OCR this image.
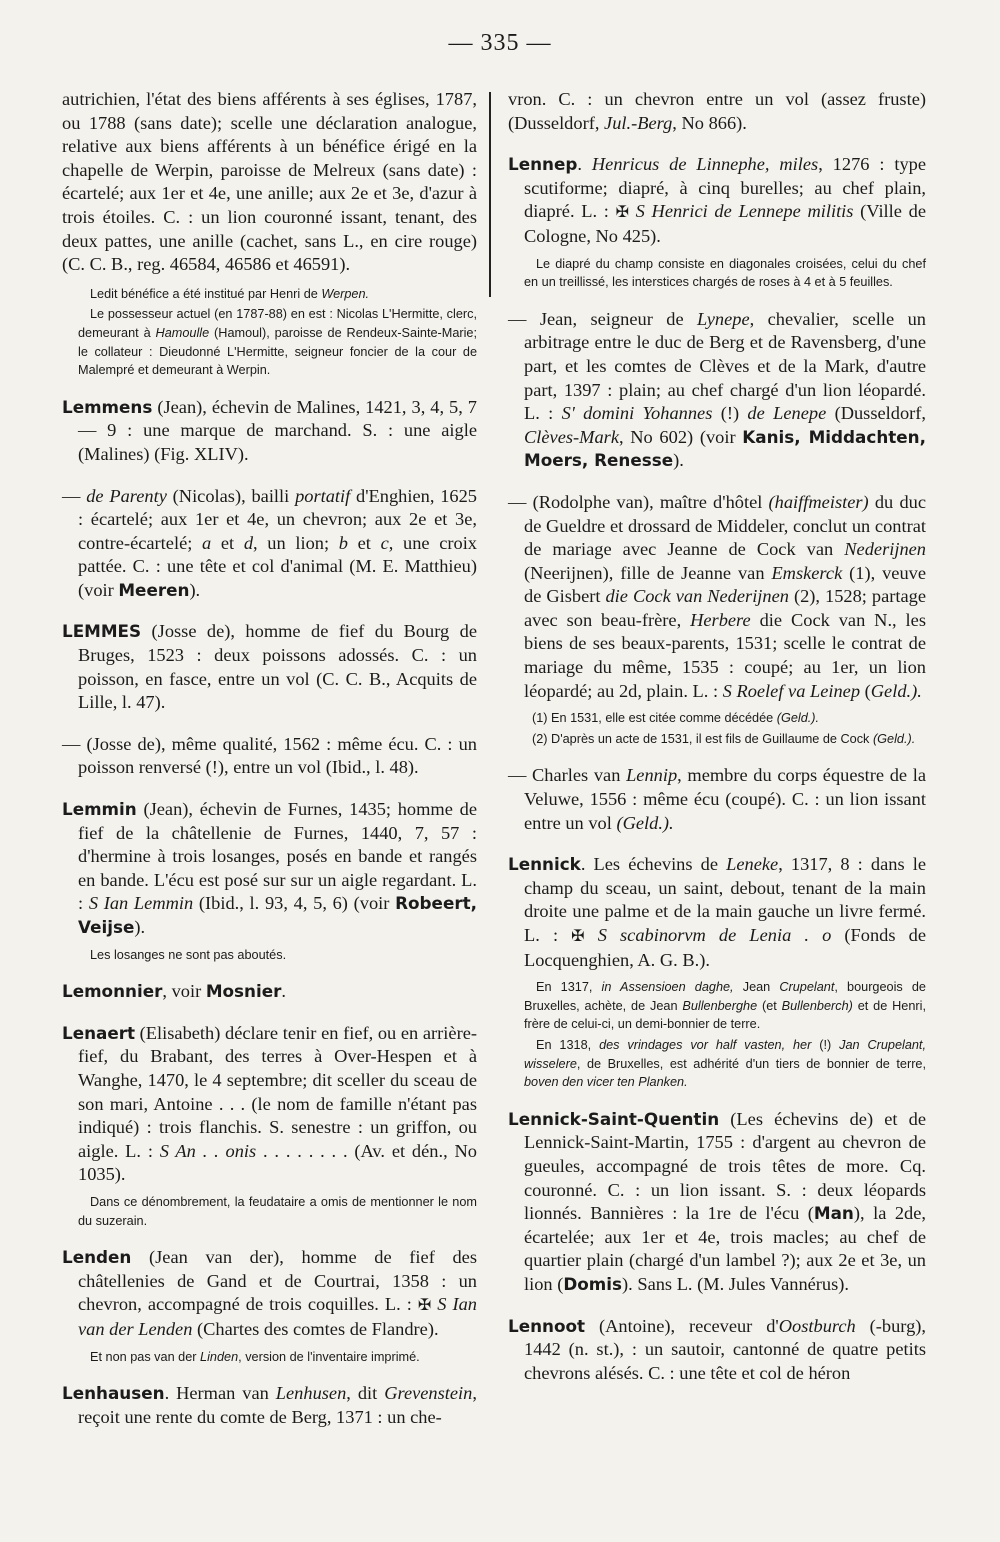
— 335 —

autrichien, l'état des biens afférents à ses églises, 1787, ou 1788 (sans date); scelle une déclaration analogue, relative aux biens afférents à un bénéfice érigé en la chapelle de Werpin, paroisse de Melreux (sans date) : écartelé; aux 1er et 4e, une anille; aux 2e et 3e, d'azur à trois étoiles. C. : un lion couronné issant, tenant, des deux pattes, une anille (cachet, sans L., en cire rouge) (C. C. B., reg. 46584, 46586 et 46591).

Ledit bénéfice a été institué par Henri de Werpen.

Le possesseur actuel (en 1787-88) en est : Nicolas L'Hermitte, clerc, demeurant à Hamoulle (Hamoul), paroisse de Rendeux-Sainte-Marie; le collateur : Dieudonné L'Hermitte, seigneur foncier de la cour de Malempré et demeurant à Werpin.

Lemmens (Jean), échevin de Malines, 1421, 3, 4, 5, 7 — 9 : une marque de marchand. S. : une aigle (Malines) (Fig. XLIV).

— de Parenty (Nicolas), bailli portatif d'Enghien, 1625 : écartelé; aux 1er et 4e, un chevron; aux 2e et 3e, contre-écartelé; a et d, un lion; b et c, une croix pattée. C. : une tête et col d'animal (M. E. Matthieu) (voir Meeren).

LEMMES (Josse de), homme de fief du Bourg de Bruges, 1523 : deux poissons adossés. C. : un poisson, en fasce, entre un vol (C. C. B., Acquits de Lille, l. 47).

— (Josse de), même qualité, 1562 : même écu. C. : un poisson renversé (!), entre un vol (Ibid., l. 48).

Lemmin (Jean), échevin de Furnes, 1435; homme de fief de la châtellenie de Furnes, 1440, 7, 57 : d'hermine à trois losanges, posés en bande et rangés en bande. L'écu est posé sur sur un aigle regardant. L. : S Ian Lemmin (Ibid., l. 93, 4, 5, 6) (voir Robeert, Veijse).

Les losanges ne sont pas aboutés.

Lemonnier, voir Mosnier.

Lenaert (Elisabeth) déclare tenir en fief, ou en arrière-fief, du Brabant, des terres à Over-Hespen et à Wanghe, 1470, le 4 septembre; dit sceller du sceau de son mari, Antoine . . . (le nom de famille n'étant pas indiqué) : trois flanchis. S. senestre : un griffon, ou aigle. L. : S An . . onis . . . . . . . . (Av. et dén., No 1035).

Dans ce dénombrement, la feudataire a omis de mentionner le nom du suzerain.

Lenden (Jean van der), homme de fief des châtellenies de Gand et de Courtrai, 1358 : un chevron, accompagné de trois coquilles. L. : ✠ S Ian van der Lenden (Chartes des comtes de Flandre).

Et non pas van der Linden, version de l'inventaire imprimé.

Lenhausen. Herman van Lenhusen, dit Grevenstein, reçoit une rente du comte de Berg, 1371 : un che-

vron. C. : un chevron entre un vol (assez fruste) (Dusseldorf, Jul.-Berg, No 866).

Lennep. Henricus de Linnephe, miles, 1276 : type scutiforme; diapré, à cinq burelles; au chef plain, diapré. L. : ✠ S Henrici de Lennepe militis (Ville de Cologne, No 425).

Le diapré du champ consiste en diagonales croisées, celui du chef en un treillissé, les interstices chargés de roses à 4 et à 5 feuilles.

— Jean, seigneur de Lynepe, chevalier, scelle un arbitrage entre le duc de Berg et de Ravensberg, d'une part, et les comtes de Clèves et de la Mark, d'autre part, 1397 : plain; au chef chargé d'un lion léopardé. L. : S' domini Yohannes (!) de Lenepe (Dusseldorf, Clèves-Mark, No 602) (voir Kanis, Middachten, Moers, Renesse).

— (Rodolphe van), maître d'hôtel (haiffmeister) du duc de Gueldre et drossard de Middeler, conclut un contrat de mariage avec Jeanne de Cock van Nederijnen (Neerijnen), fille de Jeanne van Emskerck (1), veuve de Gisbert die Cock van Nederijnen (2), 1528; partage avec son beau-frère, Herbere die Cock van N., les biens de ses beaux-parents, 1531; scelle le contrat de mariage du même, 1535 : coupé; au 1er, un lion léopardé; au 2d, plain. L. : S Roelef va Leinep (Geld.).

(1) En 1531, elle est citée comme décédée (Geld.).

(2) D'après un acte de 1531, il est fils de Guillaume de Cock (Geld.).

— Charles van Lennip, membre du corps équestre de la Veluwe, 1556 : même écu (coupé). C. : un lion issant entre un vol (Geld.).

Lennick. Les échevins de Leneke, 1317, 8 : dans le champ du sceau, un saint, debout, tenant de la main droite une palme et de la main gauche un livre fermé. L. : ✠ S scabinorvm de Lenia . o (Fonds de Locquenghien, A. G. B.).

En 1317, in Assensioen daghe, Jean Crupelant, bourgeois de Bruxelles, achète, de Jean Bullenberghe (et Bullenberch) et de Henri, frère de celui-ci, un demi-bonnier de terre.

En 1318, des vrindages vor half vasten, her (!) Jan Crupelant, wisselere, de Bruxelles, est adhérité d'un tiers de bonnier de terre, boven den vicer ten Planken.

Lennick-Saint-Quentin (Les échevins de) et de Lennick-Saint-Martin, 1755 : d'argent au chevron de gueules, accompagné de trois têtes de more. Cq. couronné. C. : un lion issant. S. : deux léopards lionnés. Bannières : la 1re de l'écu (Man), la 2de, écartelée; aux 1er et 4e, trois macles; au chef de quartier plain (chargé d'un lambel ?); aux 2e et 3e, un lion (Domis). Sans L. (M. Jules Vannérus).

Lennoot (Antoine), receveur d'Oostburch (-burg), 1442 (n. st.), : un sautoir, cantonné de quatre petits chevrons alésés. C. : une tête et col de héron
